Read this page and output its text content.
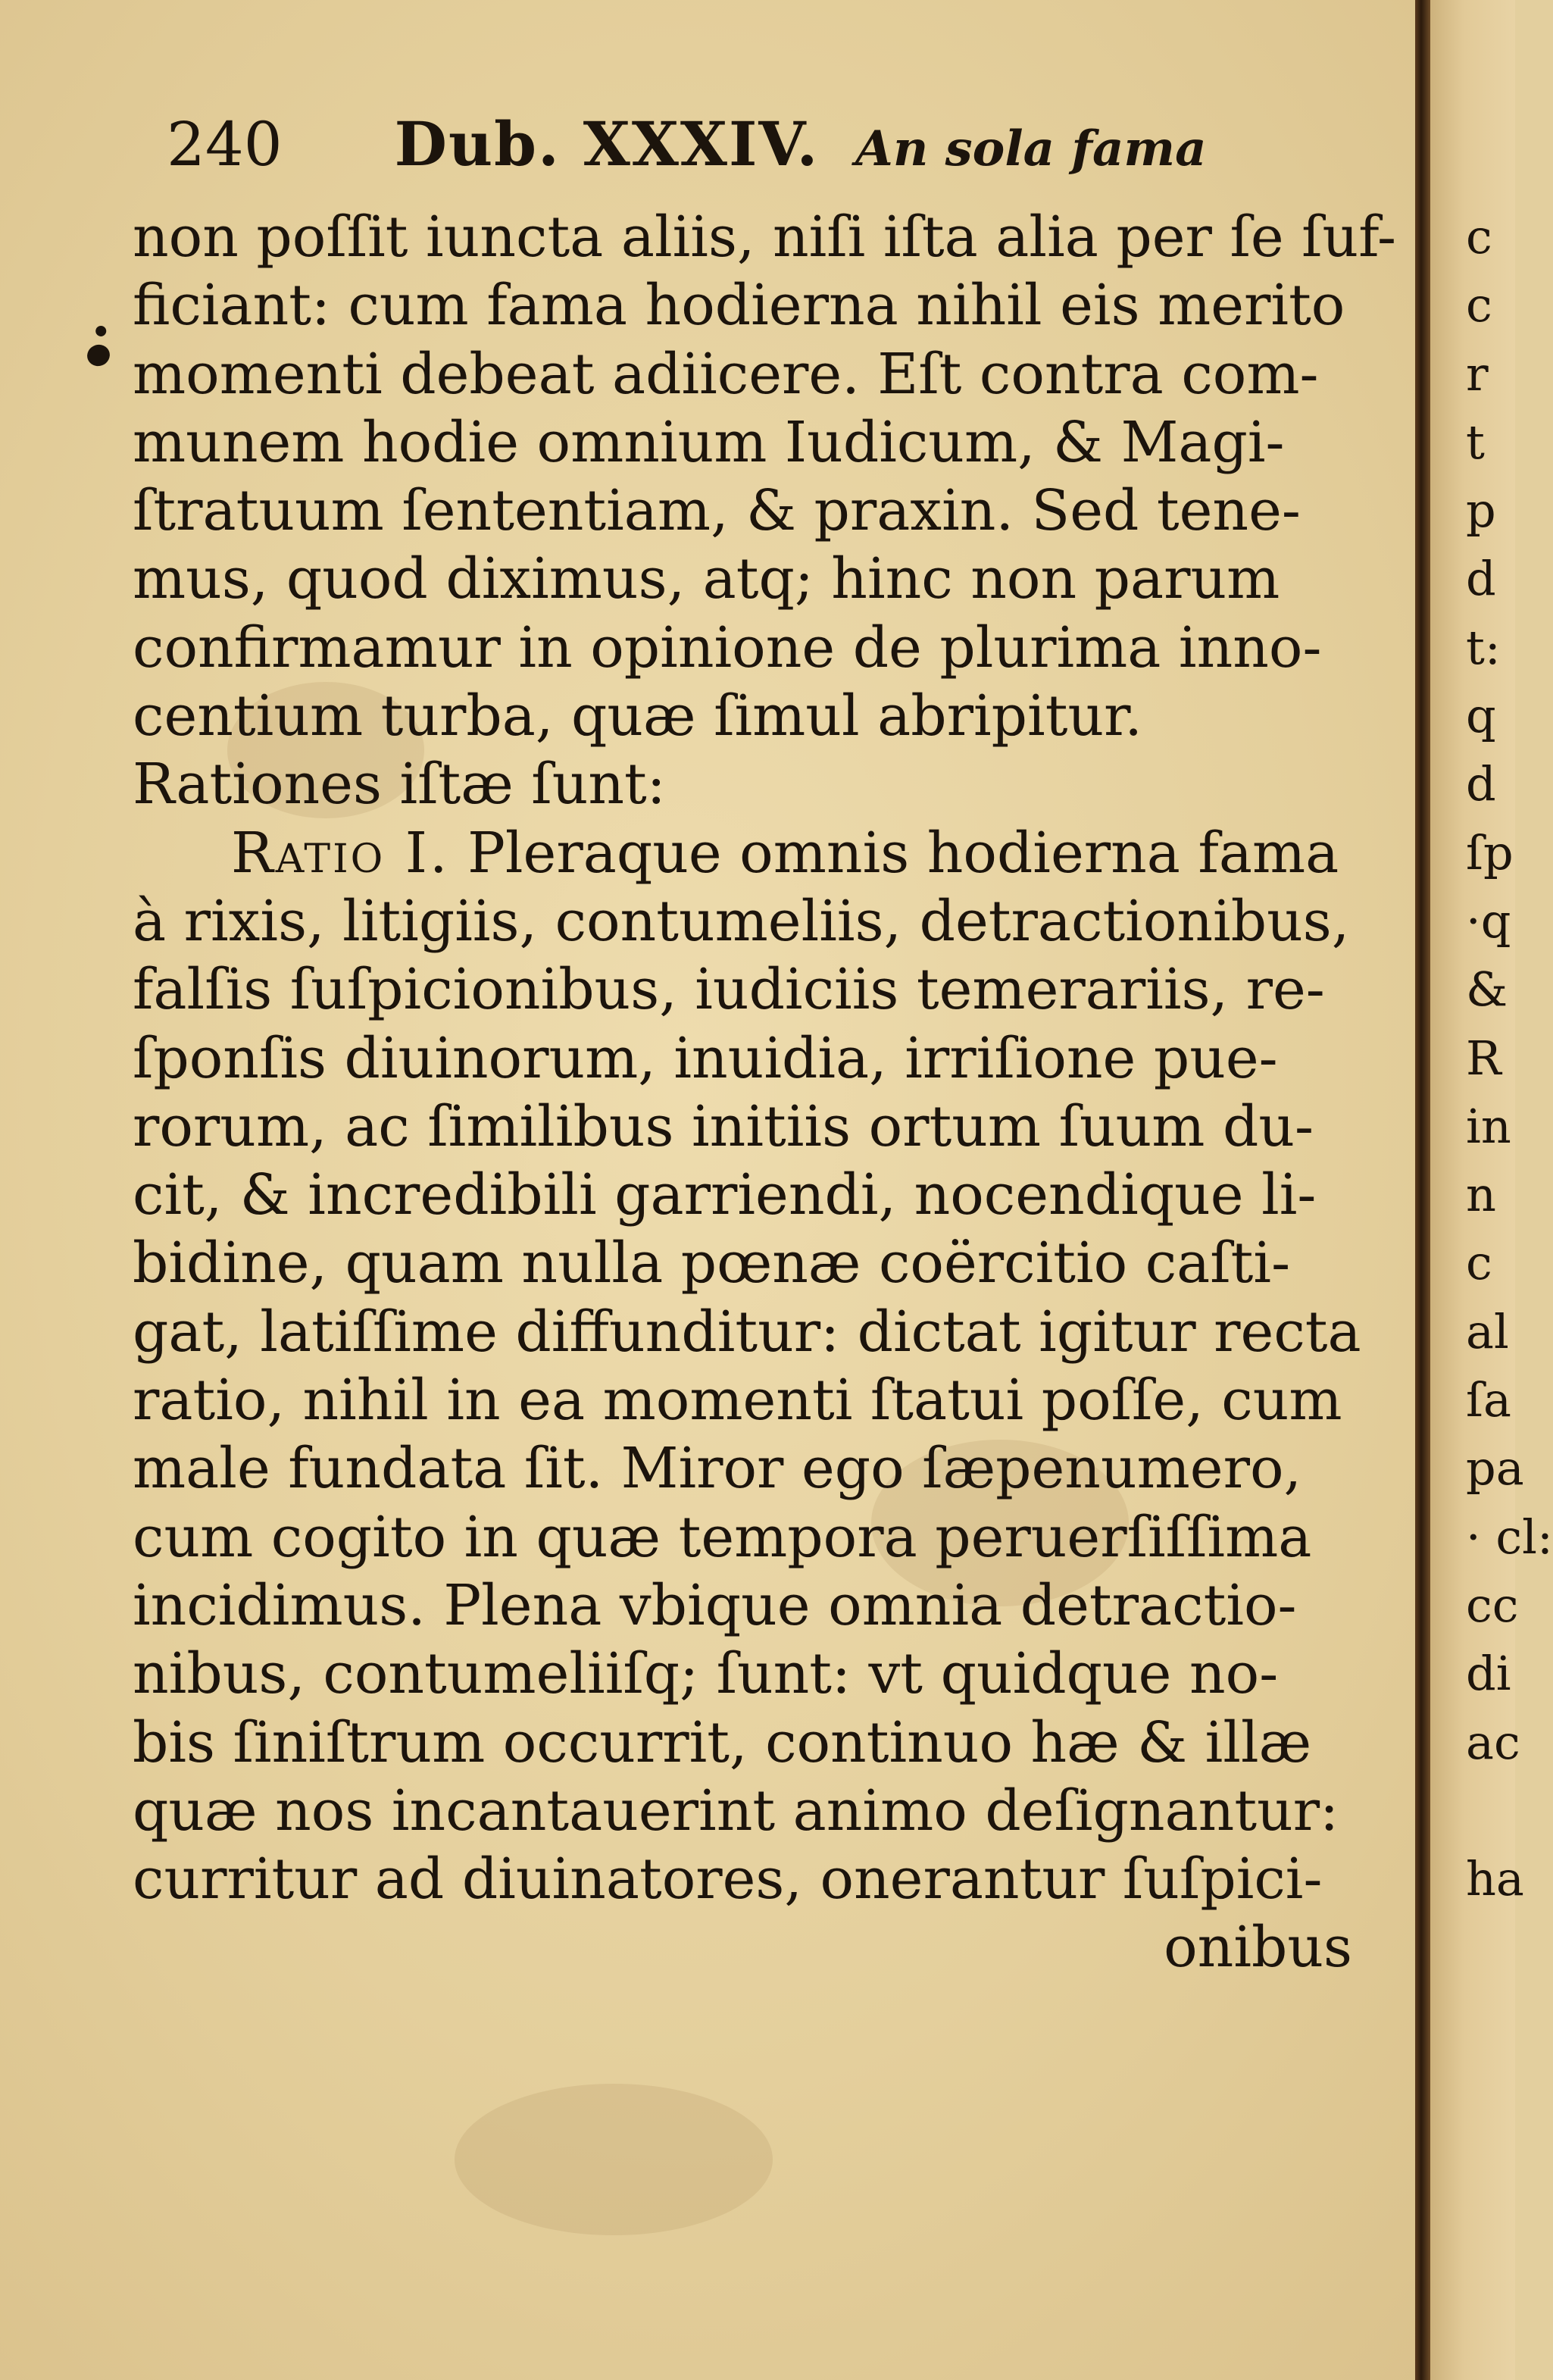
240 Dub. XXXIV. An sola fama
non poſſit iuncta aliis, niſi iſta alia per ſe ſuf-
ficiant: cum fama hodierna nihil eis merito
momenti debeat adiicere. Eſt contra com-
munem hodie omnium Iudicum, & Magi-
ſtratuum ſententiam, & praxin. Sed tene-
mus, quod diximus, atq; hinc non parum
confirmamur in opinione de plurima inno-
centium turba, quæ ſimul abripitur.
Rationes iſtæ ſunt:
Ratio I. Pleraque omnis hodierna fama
à rixis, litigiis, contumeliis, detractionibus,
falſis ſuſpicionibus, iudiciis temerariis, re-
ſponſis diuinorum, inuidia, irriſione pue-
rorum, ac ſimilibus initiis ortum ſuum du-
cit, & incredibili garriendi, nocendique li-
bidine, quam nulla pœnæ coërcitio caſti-
gat, latiſſime diffunditur: dictat igitur recta
ratio, nihil in ea momenti ſtatui poſſe, cum
male fundata ſit. Miror ego ſæpenumero,
cum cogito in quæ tempora peruerſiſſima
incidimus. Plena vbique omnia detractio-
nibus, contumeliiſq; ſunt: vt quidque no-
bis ſiniſtrum occurrit, continuo hæ & illæ
quæ nos incantauerint animo deſignantur:
curritur ad diuinatores, onerantur ſuſpici-
onibus
c
c
r
t
p
d
t:
q
d
ſp
·q
&
R
in
n
c
al
ſa
pa
· cl:
cc
di
ac
ha
